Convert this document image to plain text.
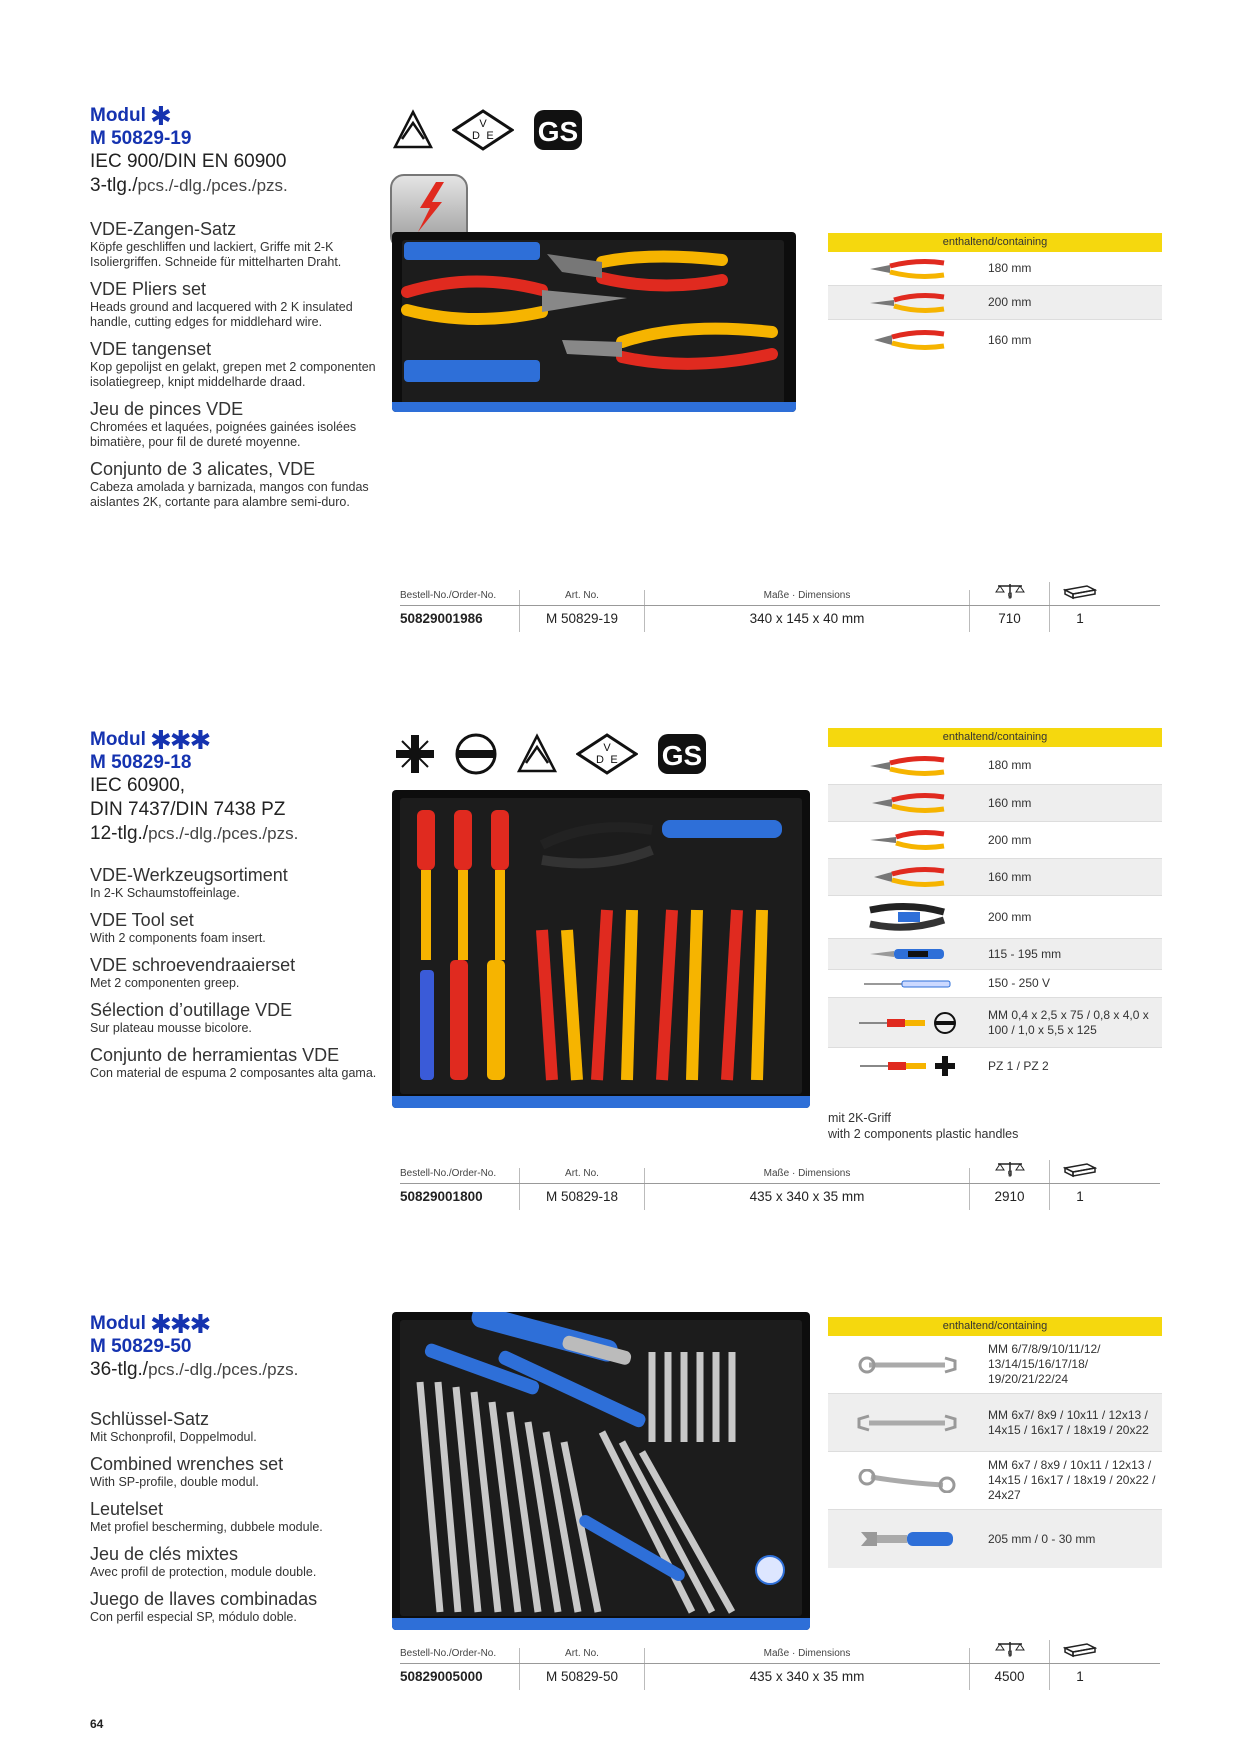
Modul ✱
M 50829-19
IEC 900/DIN EN 60900
3-tlg./pcs./-dlg./pces./pzs.
VDE-Zangen-Satz
Köpfe geschliffen und lackiert, Griffe mit 2-K Isoliergriffen. Schneide für mittelharten Draht.
VDE Pliers set
Heads ground and lacquered with 2 K insulated handle, cutting edges for middlehard wire.
VDE tangenset
Kop gepolijst en gelakt, grepen met 2 componenten isolatiegreep, knipt middelharde draad.
Jeu de pinces VDE
Chromées et laquées, poignées gainées isolées bimatière, pour fil de dureté moyenne.
Conjunto de 3 alicates, VDE
Cabeza amolada y barnizada, mangos con fundas aislantes 2K, cortante para alambre semi-duro.
V
D E GS
enthaltend/containing
180 mm
200 mm
160 mm
Bestell-No./Order-No.	Art. No.	Maße · Dimensions	g
50829001986	M 50829-19	340 x 145 x 40 mm	710	1
Modul ✱✱✱
M 50829-18
IEC 60900,
DIN 7437/DIN 7438 PZ
12-tlg./pcs./-dlg./pces./pzs.
VDE-Werkzeugsortiment
In 2-K Schaumstoffeinlage.
VDE Tool set
With 2 components foam insert.
VDE schroevendraaierset
Met 2 componenten greep.
Sélection d’outillage VDE
Sur plateau mousse bicolore.
Conjunto de herramientas VDE
Con material de espuma 2 composantes alta gama.
V
D E GS
enthaltend/containing
180 mm
160 mm
200 mm
160 mm
200 mm
115 - 195 mm
150 - 250 V
MM 0,4 x 2,5 x 75 / 0,8 x 4,0 x 100 / 1,0 x 5,5 x 125
PZ 1 / PZ 2
mit 2K-Griff
with 2 components plastic handles
Bestell-No./Order-No.	Art. No.	Maße · Dimensions	g
50829001800	M 50829-18	435 x 340 x 35 mm	2910	1
Modul ✱✱✱
M 50829-50
36-tlg./pcs./-dlg./pces./pzs.
Schlüssel-Satz
Mit Schonprofil, Doppelmodul.
Combined wrenches set
With SP-profile, double modul.
Leutelset
Met profiel bescherming, dubbele module.
Jeu de clés mixtes
Avec profil de protection, module double.
Juego de llaves combinadas
Con perfil especial SP, módulo doble.
enthaltend/containing
MM 6/7/8/9/10/11/12/ 13/14/15/16/17/18/ 19/20/21/22/24
MM 6x7/ 8x9 / 10x11 / 12x13 / 14x15 / 16x17 / 18x19 / 20x22
MM 6x7 / 8x9 / 10x11 / 12x13 / 14x15 / 16x17 / 18x19 / 20x22 / 24x27
205 mm / 0 - 30 mm
Bestell-No./Order-No.	Art. No.	Maße · Dimensions	g
50829005000	M 50829-50	435 x 340 x 35 mm	4500	1
64
